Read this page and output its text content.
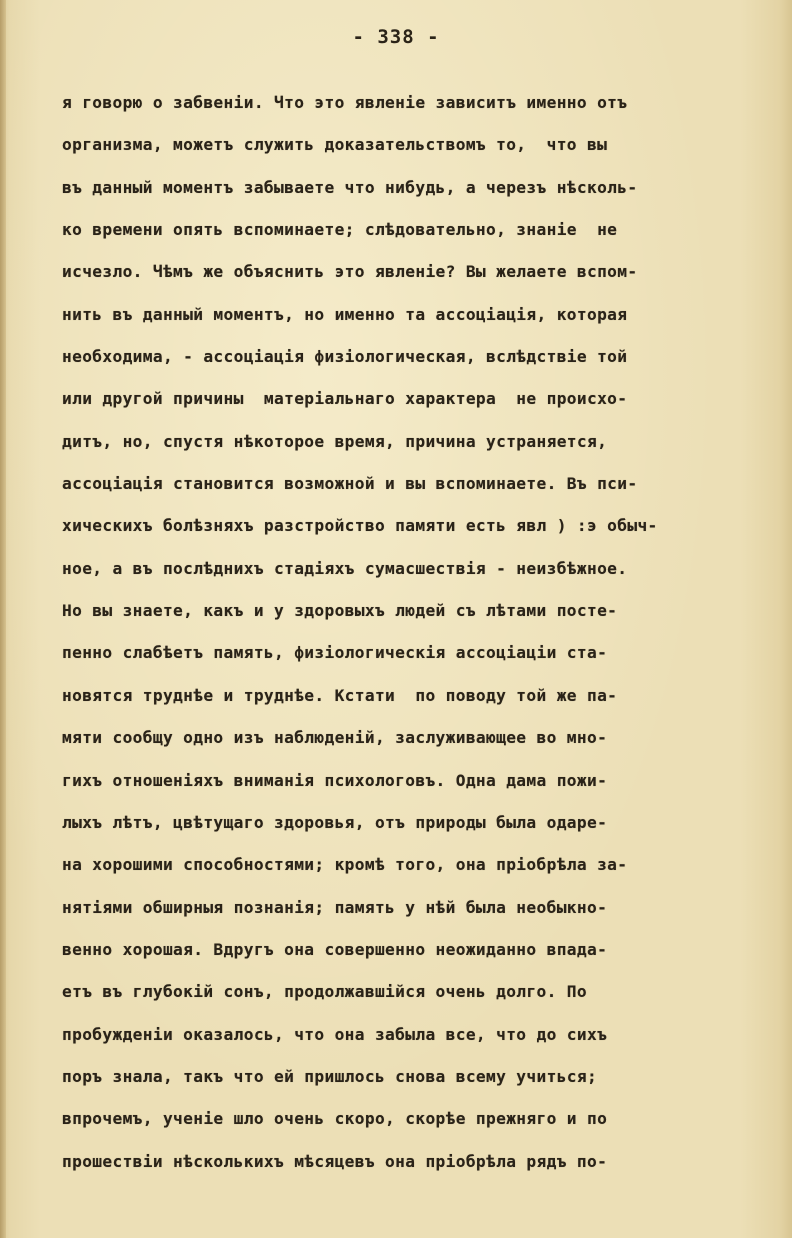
- 338 -
я говорю о забвенiи. Что это явленiе зависитъ именно отъ
организма, можетъ служить доказательствомъ то,  что вы
въ данный моментъ забываете что нибудь, а черезъ нѣсколь-
ко времени опять вспоминаете; слѣдовательно, знанiе  не
исчезло. Чѣмъ же объяснить это явленiе? Вы желаете вспом-
нить въ данный моментъ, но именно та ассоцiацiя, которая
необходима, - ассоцiацiя физiологическая, вслѣдствiе той
или другой причины  матерiальнаго характера  не происхо-
дитъ, но, спустя нѣкоторое время, причина устраняется,
ассоцiацiя становится возможной и вы вспоминаете. Въ пси-
хическихъ болѣзняхъ разстройство памяти есть явл ) :э обыч-
ное, а въ послѣднихъ стадiяхъ сумасшествiя - неизбѣжное.
Но вы знаете, какъ и у здоровыхъ людей съ лѣтами посте-
пенно слабѣетъ память, физiологическiя ассоцiацiи ста-
новятся труднѣе и труднѣе. Кстати  по поводу той же па-
мяти сообщу одно изъ наблюденiй, заслуживающее во мно-
гихъ отношенiяхъ вниманiя психологовъ. Одна дама пожи-
лыхъ лѣтъ, цвѣтущаго здоровья, отъ природы была одаре-
на хорошими способностями; кромѣ того, она прiобрѣла за-
нятiями обширныя познанiя; память у нѣй была необыкно-
венно хорошая. Вдругъ она совершенно неожиданно впада-
етъ въ глубокiй сонъ, продолжавшiйся очень долго. По
пробужденiи оказалось, что она забыла все, что до сихъ
поръ знала, такъ что ей пришлось снова всему учиться;
впрочемъ, ученiе шло очень скоро, скорѣе прежняго и по
прошествiи нѣсколькихъ мѣсяцевъ она прiобрѣла рядъ по-
